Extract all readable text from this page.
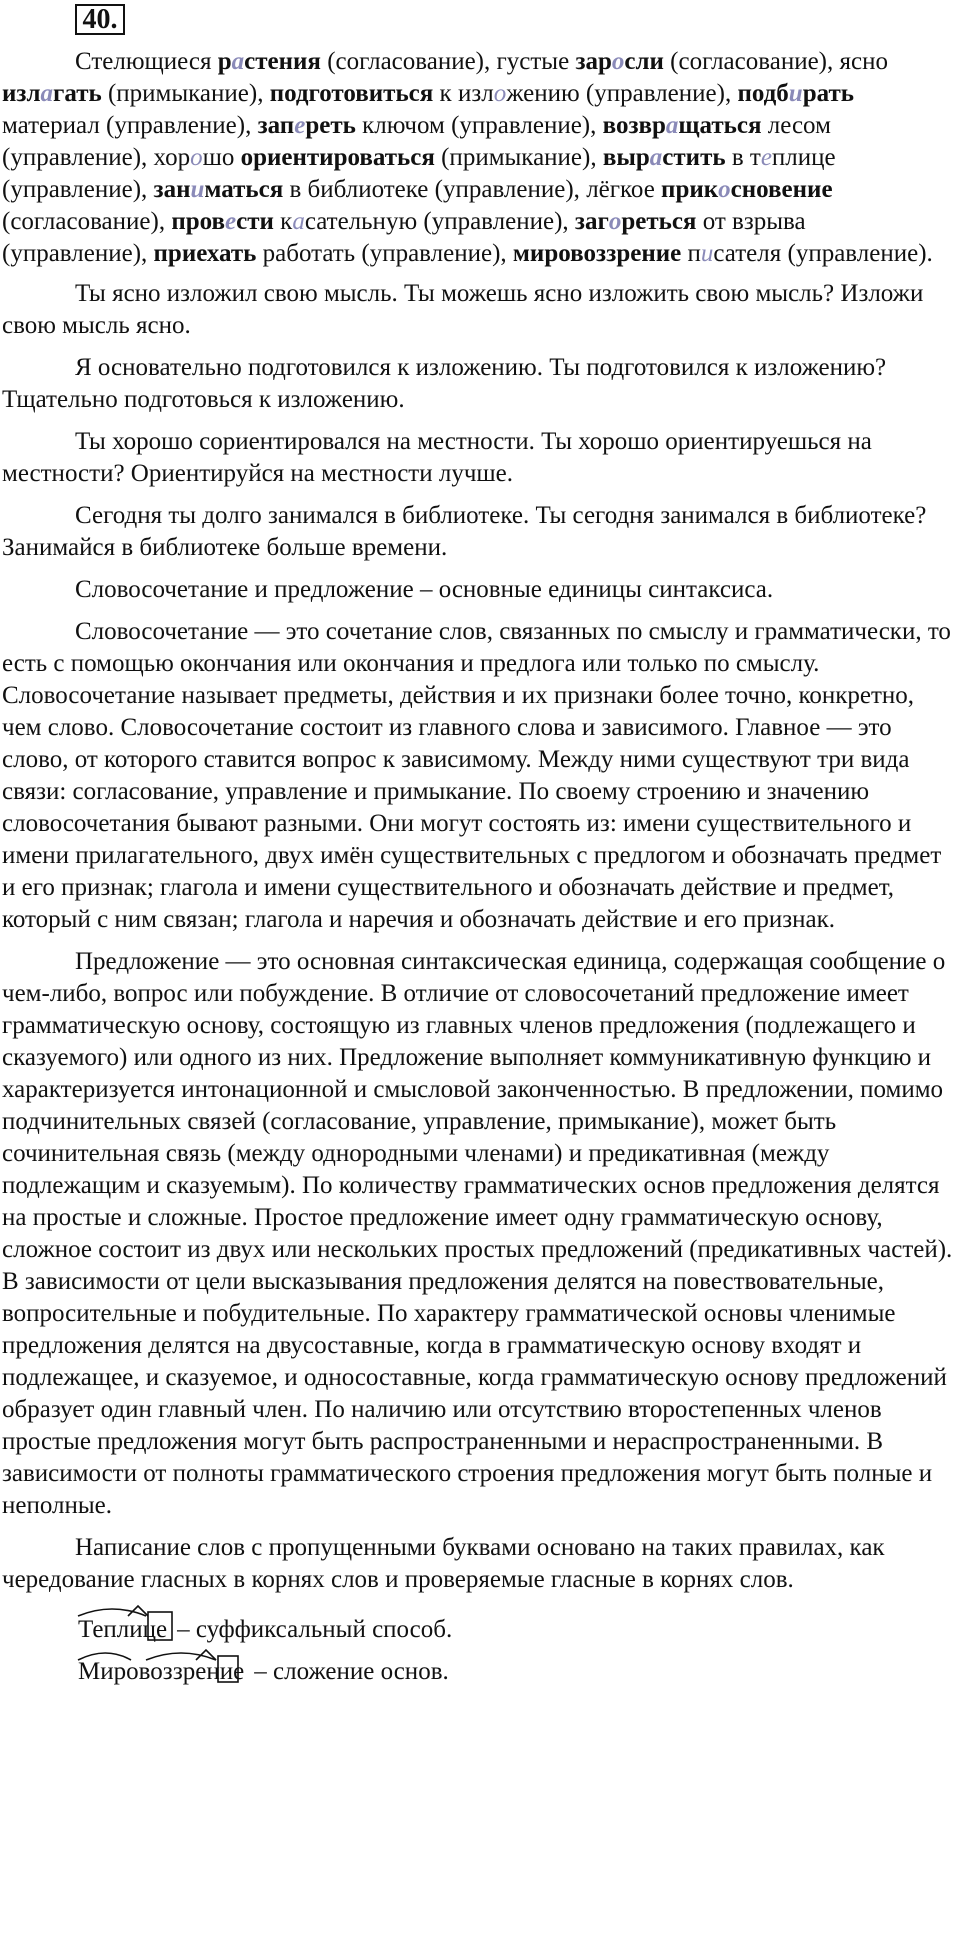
40.

Стелющиеся растения (согласование), густые заросли (согласование), ясно излагать (примыкание), подготовиться к изложению (управление), подбирать материал (управление), запереть ключом (управление), возвращаться лесом (управление), хорошо ориентироваться (примыкание), вырастить в теплице (управление), заниматься в библиотеке (управление), лёгкое прикосновение (согласование), провести касательную (управление), загореться от взрыва (управление), приехать работать (управление), мировоззрение писателя (управление).

Ты ясно изложил свою мысль. Ты можешь ясно изложить свою мысль? Изложи свою мысль ясно.

Я основательно подготовился к изложению. Ты подготовился к изложению? Тщательно подготовься к изложению.

Ты хорошо сориентировался на местности. Ты хорошо ориентируешься на местности? Ориентируйся на местности лучше.

Сегодня ты долго занимался в библиотеке. Ты сегодня занимался в библиотеке? Занимайся в библиотеке больше времени.

Словосочетание и предложение – основные единицы синтаксиса.

Словосочетание — это сочетание слов, связанных по смыслу и грамматически, то есть с помощью окончания или окончания и предлога или только по смыслу. Словосочетание называет предметы, действия и их признаки более точно, конкретно, чем слово. Словосочетание состоит из главного слова и зависимого. Главное — это слово, от которого ставится вопрос к зависимому. Между ними существуют три вида связи: согласование, управление и примыкание. По своему строению и значению словосочетания бывают разными. Они могут состоять из: имени существительного и имени прилагательного, двух имён существительных с предлогом и обозначать предмет и его признак; глагола и имени существительного и обозначать действие и предмет, который с ним связан; глагола и наречия и обозначать действие и его признак.

Предложение — это основная синтаксическая единица, содержащая сообщение о чем-либо, вопрос или побуждение. В отличие от словосочетаний предложение имеет грамматическую основу, состоящую из главных членов предложения (подлежащего и сказуемого) или одного из них. Предложение выполняет коммуникативную функцию и характеризуется интонационной и смысловой законченностью. В предложении, помимо подчинительных связей (согласование, управление, примыкание), может быть сочинительная связь (между однородными членами) и предикативная (между подлежащим и сказуемым). По количеству грамматических основ предложения делятся на простые и сложные. Простое предложение имеет одну грамматическую основу, сложное состоит из двух или нескольких простых предложений (предикативных частей). В зависимости от цели высказывания предложения делятся на повествовательные, вопросительные и побудительные. По характеру грамматической основы членимые предложения делятся на двусоставные, когда в грамматическую основу входят и подлежащее, и сказуемое, и односоставные, когда грамматическую основу предложений образует один главный член. По наличию или отсутствию второстепенных членов простые предложения могут быть распространенными и нераспространенными. В зависимости от полноты грамматического строения предложения могут быть полные и неполные.

Написание слов с пропущенными буквами основано на таких правилах, как чередование гласных в корнях слов и проверяемые гласные в корнях слов.

Теплице – суффиксальный способ.
Мировоззрение – сложение основ.
